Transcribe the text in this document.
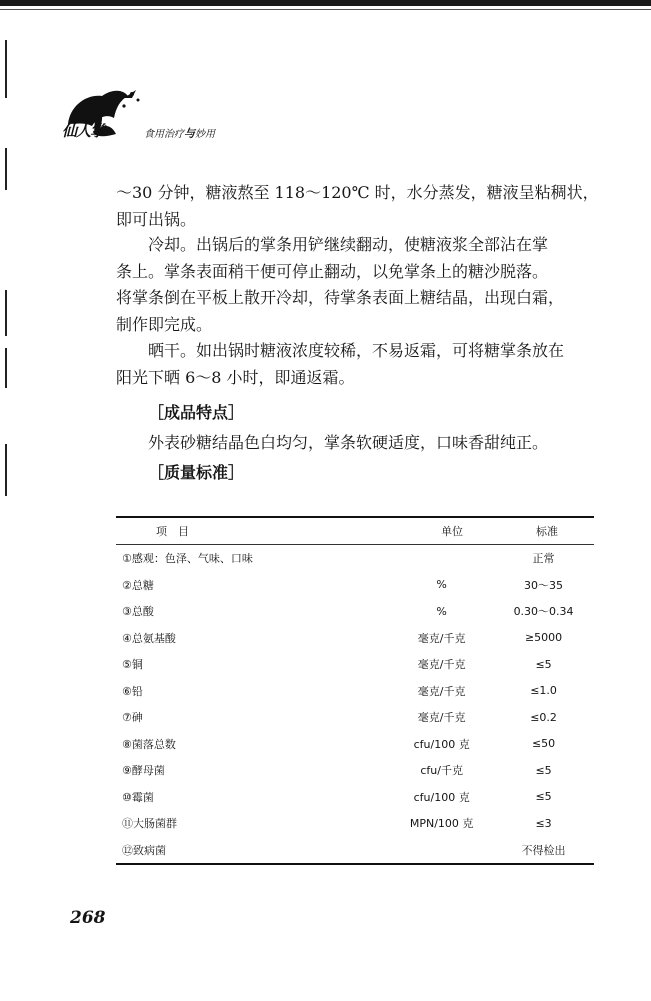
仙人掌	食用治疗与妙用
～30 分钟，糖液熬至 118～120℃ 时，水分蒸发，糖液呈粘稠状，
即可出锅。
　　冷却。出锅后的掌条用铲继续翻动，使糖液浆全部沾在掌
条上。掌条表面稍干便可停止翻动，以免掌条上的糖沙脱落。
将掌条倒在平板上散开冷却，待掌条表面上糖结晶，出现白霜，
制作即完成。
　　晒干。如出锅时糖液浓度较稀，不易返霜，可将糖掌条放在
阳光下晒 6～8 小时，即通返霜。
［成品特点］
外表砂糖结晶色白均匀，掌条软硬适度，口味香甜纯正。
［质量标准］
项　目	单位	标准
①感观：色泽、气味、口味		正常
②总糖	%	30～35
③总酸	%	0.30～0.34
④总氨基酸	毫克/千克	≥5000
⑤铜	毫克/千克	≤5
⑥铅	毫克/千克	≤1.0
⑦砷	毫克/千克	≤0.2
⑧菌落总数	cfu/100 克	≤50
⑨酵母菌	cfu/千克	≤5
⑩霉菌	cfu/100 克	≤5
⑪大肠菌群	MPN/100 克	≤3
⑫致病菌		不得检出
268
